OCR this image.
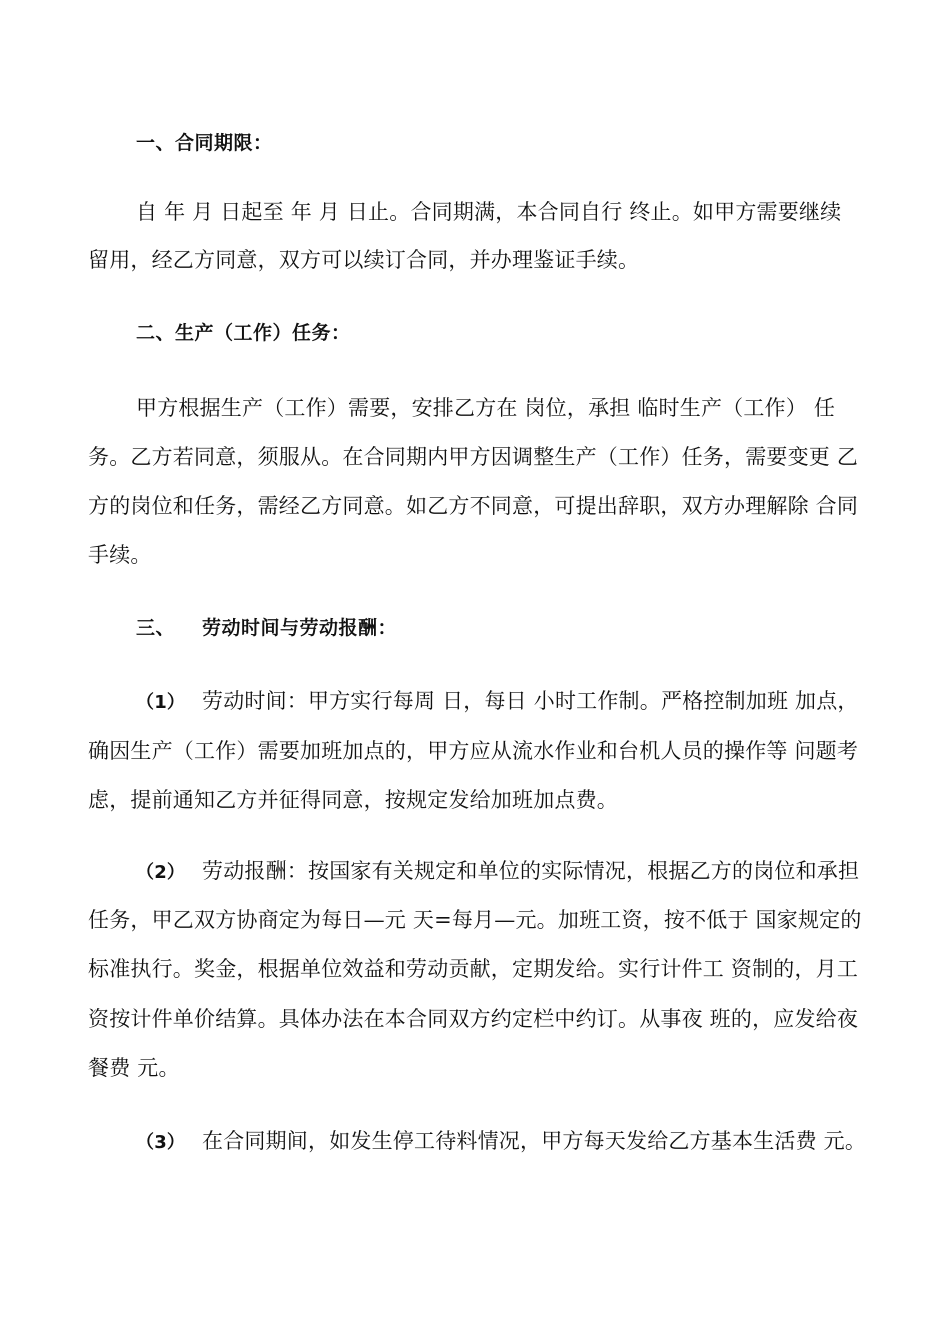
一、合同期限：
自 年 月 日起至 年 月 日止。合同期满，本合同自行 终止。如甲方需要继续
留用，经乙方同意，双方可以续订合同，并办理鉴证手续。
二、生产（工作）任务：
甲方根据生产（工作）需要，安排乙方在 岗位，承担 临时生产（工作） 任
务。乙方若同意，须服从。在合同期内甲方因调整生产（工作）任务，需要变更 乙
方的岗位和任务，需经乙方同意。如乙方不同意，可提出辞职，双方办理解除 合同
手续。
三、 劳动时间与劳动报酬：
（1） 劳动时间：甲方实行每周 日，每日 小时工作制。严格控制加班 加点，
确因生产（工作）需要加班加点的，甲方应从流水作业和台机人员的操作等 问题考
虑，提前通知乙方并征得同意，按规定发给加班加点费。
（2） 劳动报酬：按国家有关规定和单位的实际情况，根据乙方的岗位和承担
任务，甲乙双方协商定为每日—元 天=每月—元。加班工资，按不低于 国家规定的
标准执行。奖金，根据单位效益和劳动贡献，定期发给。实行计件工 资制的，月工
资按计件单价结算。具体办法在本合同双方约定栏中约订。从事夜 班的，应发给夜
餐费 元。
（3） 在合同期间，如发生停工待料情况，甲方每天发给乙方基本生活费 元。
